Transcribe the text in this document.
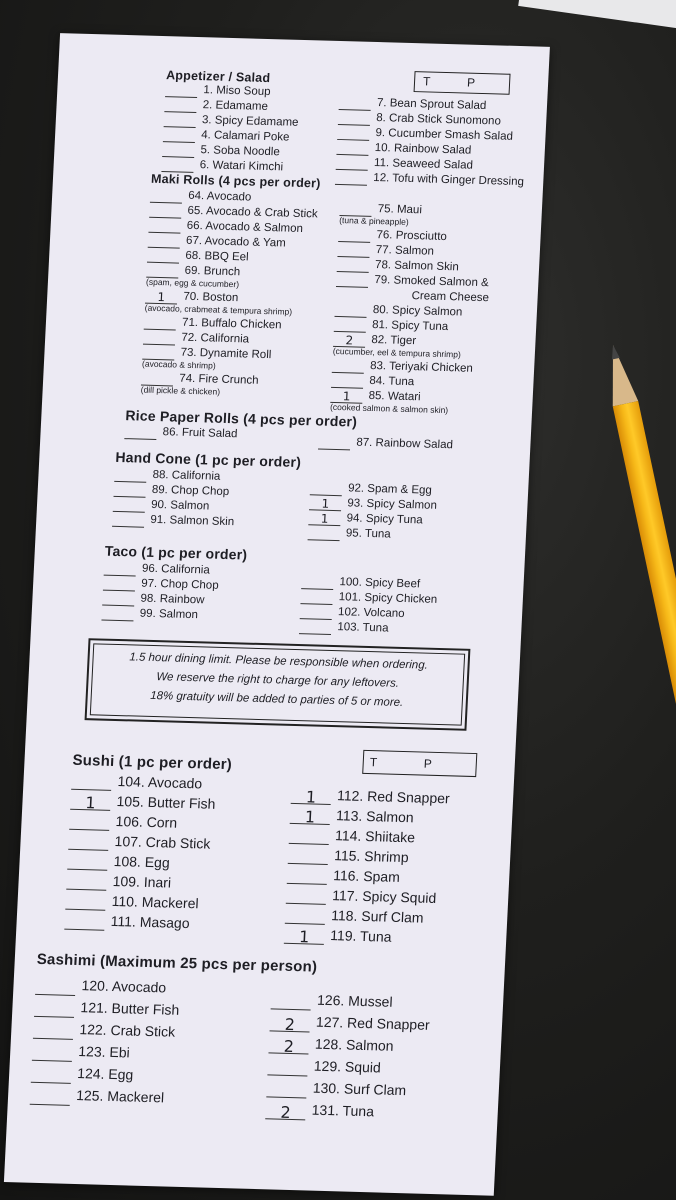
Appetizer / Salad	T	P
1. Miso Soup
2. Edamame
3. Spicy Edamame
4. Calamari Poke
5. Soba Noodle
6. Watari Kimchi
7. Bean Sprout Salad
8. Crab Stick Sunomono
9. Cucumber Smash Salad
10. Rainbow Salad
11. Seaweed Salad
12. Tofu with Ginger Dressing
Maki Rolls (4 pcs per order)
64. Avocado
65. Avocado & Crab Stick
66. Avocado & Salmon
67. Avocado & Yam
68. BBQ Eel
69. Brunch
(spam, egg & cucumber)
1	70. Boston
(avocado, crabmeat & tempura shrimp)
71. Buffalo Chicken
72. California
73. Dynamite Roll
(avocado & shrimp)
74. Fire Crunch
(dill pickle & chicken)
75. Maui
(tuna & pineapple)
76. Prosciutto
77. Salmon
78. Salmon Skin
79. Smoked Salmon &
Cream Cheese
80. Spicy Salmon
81. Spicy Tuna
2	82. Tiger
(cucumber, eel & tempura shrimp)
83. Teriyaki Chicken
84. Tuna
1	85. Watari
(cooked salmon & salmon skin)
Rice Paper Rolls (4 pcs per order)
86. Fruit Salad
87. Rainbow Salad
Hand Cone (1 pc per order)
88. California
89. Chop Chop
90. Salmon
91. Salmon Skin
92. Spam & Egg
1	93. Spicy Salmon
1	94. Spicy Tuna
95. Tuna
Taco (1 pc per order)
96. California
97. Chop Chop
98. Rainbow
99. Salmon
100. Spicy Beef
101. Spicy Chicken
102. Volcano
103. Tuna
1.5 hour dining limit. Please be responsible when ordering.
We reserve the right to charge for any leftovers.
18% gratuity will be added to parties of 5 or more.
Sushi (1 pc per order)	T	P
104. Avocado
1	105. Butter Fish
106. Corn
107. Crab Stick
108. Egg
109. Inari
110. Mackerel
111. Masago
1	112. Red Snapper
1	113. Salmon
114. Shiitake
115. Shrimp
116. Spam
117. Spicy Squid
118. Surf Clam
1	119. Tuna
Sashimi (Maximum 25 pcs per person)
120. Avocado
121. Butter Fish
122. Crab Stick
123. Ebi
124. Egg
125. Mackerel
126. Mussel
2	127. Red Snapper
2	128. Salmon
129. Squid
130. Surf Clam
2	131. Tuna
